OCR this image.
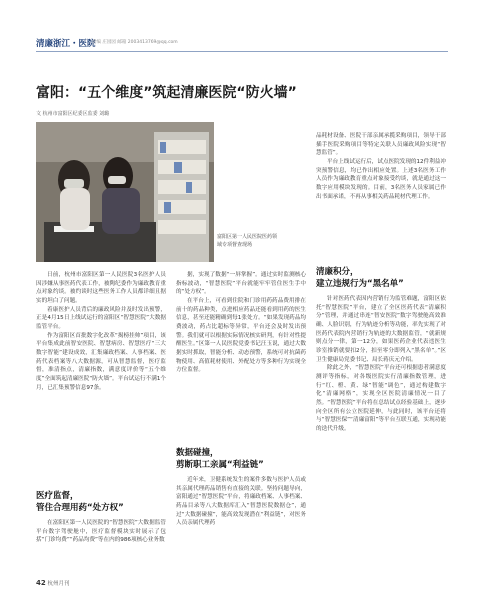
清廉浙江・医院
责编 庄园园 邮箱 2003413769@qq.com
富阳：“五个维度”筑起清廉医院“防火墙”
文 杭州市富阳区纪委区监委 刘璐
富阳区第一人民医院医药领域专项督查现场

日前，杭州市富阳区第一人民医院3名医护人员因涉嫌从事医药代表工作，被陶纪委作为廉政教育重点对象约谈。被约谈时这些医务工作人员都详细且据实的坦白了问题。

着康医护人员背后的廉政风险并及时发出预警，正是4月15日上线试运行的富阳区“智慧医院”大数据监管平台。

作为富阳区首批数字化改革“揭榜挂帅”项目，该平台集成此前智安医院、智慧病房、智慧医疗“三大数字智能”建设成效，汇集廉政档案、人事档案、医药代表档案等八大数据源，可从智慧监督，医疗监督，准清指点，清廉指数，满意度评价等“五个维度”全面筑起清廉医院“防火墙”。平台试运行不满1个月，已汇集预警信息97条。

医疗监督，
管住合理用药“处方权”

在富阳区第一人民医院的“智慧医院”大数据监管平台数字驾驶舱中，医疗监督模块实时展示了包括“门诊均费”“药品均费”等在内的986项核心业务数

据，实现了数据“一屏掌握”。通过实时监测核心指标波动，“智慧医院”平台就能牢牢管住医生手中的“处方权”。

在平台上，可看到住院和门诊用药药品费用排在前十的药品种类，点进相应药品还能看到用药的医生信息，甚至还能精确到每1张处方。“如果发现药品均费波动，药占比超标等异常，平台还会及时发出预警。我们就可以根据实际情况核实研判，有针对性提醒医生。”区第一人民医院党委书记汪玉说，通过大数据实时抓取，智能分析、动态预警，系统可对抗菌药物使用、高值耗材使用、外配处方等多种行为实现全方位监督。

数据碰撞，
剪断职工亲属“利益链”

近年来，卫健系统发生的案件多数与医护人员或其亲属代理药品销售有直接的关联。坚持问题导向，富阳通过“智慧医院”平台，将廉政档案、人事档案、药品目录等八大数据库汇入“智慧医院数据仓”，通过“大数据碰撞”，能高效发现潜在“利益链”，对医务人员亲属代理药

品耗材设备、医院干部亲属承揽采购项目，领导干部插手医院采购项目等特定关联人员廉政风险实现“智慧监管”。

平台上线试运行后，试点医院发现的12件利益冲突预警信息，均已作出相应处置。上述3名医务工作人员作为廉政教育重点对象接受约谈，就是通过这一数字应用模块发现的。目前，3名医务人员家属已作出书面承诺，不再从事相关药品耗材代理工作。

清廉积分，
建立违规行为“黑名单”

针对医药代表因内营销行为监管难题，富阳区依托“智慧医院”平台，建立了全区医药代表“清廉积分”管理，并通过串连“智安医院”数字驾驶舱高效准确、人脸识别，行为轨迹分析等功能，率先实现了对医药代表院内营销行为轨迹的大数据监管，“就新规则点分一律，第一12分，如果医药企业代表违医生诊室推销就要扣2分，扣至零分即列入“黑名单”。”区卫生健康局党委书记、局长蒋庆元介绍。

除此之外，“智慧医院”平台还可根据患者满意度测评等指标，对各级医院实行清廉指数管理，进行“红、橙、黄、绿”智能“调色”，通过构建数字化“清廉网格”，实现全区医院清廉情况一目了然。“智慧医院”平台将在总结试点经验基础上，逐步向全区所有公立医院延伸，与此同时，该平台还将与“智慧医保”“清廉富阳”等平台互联互通，实现功能的迭代升级。

42 杭州月刊
